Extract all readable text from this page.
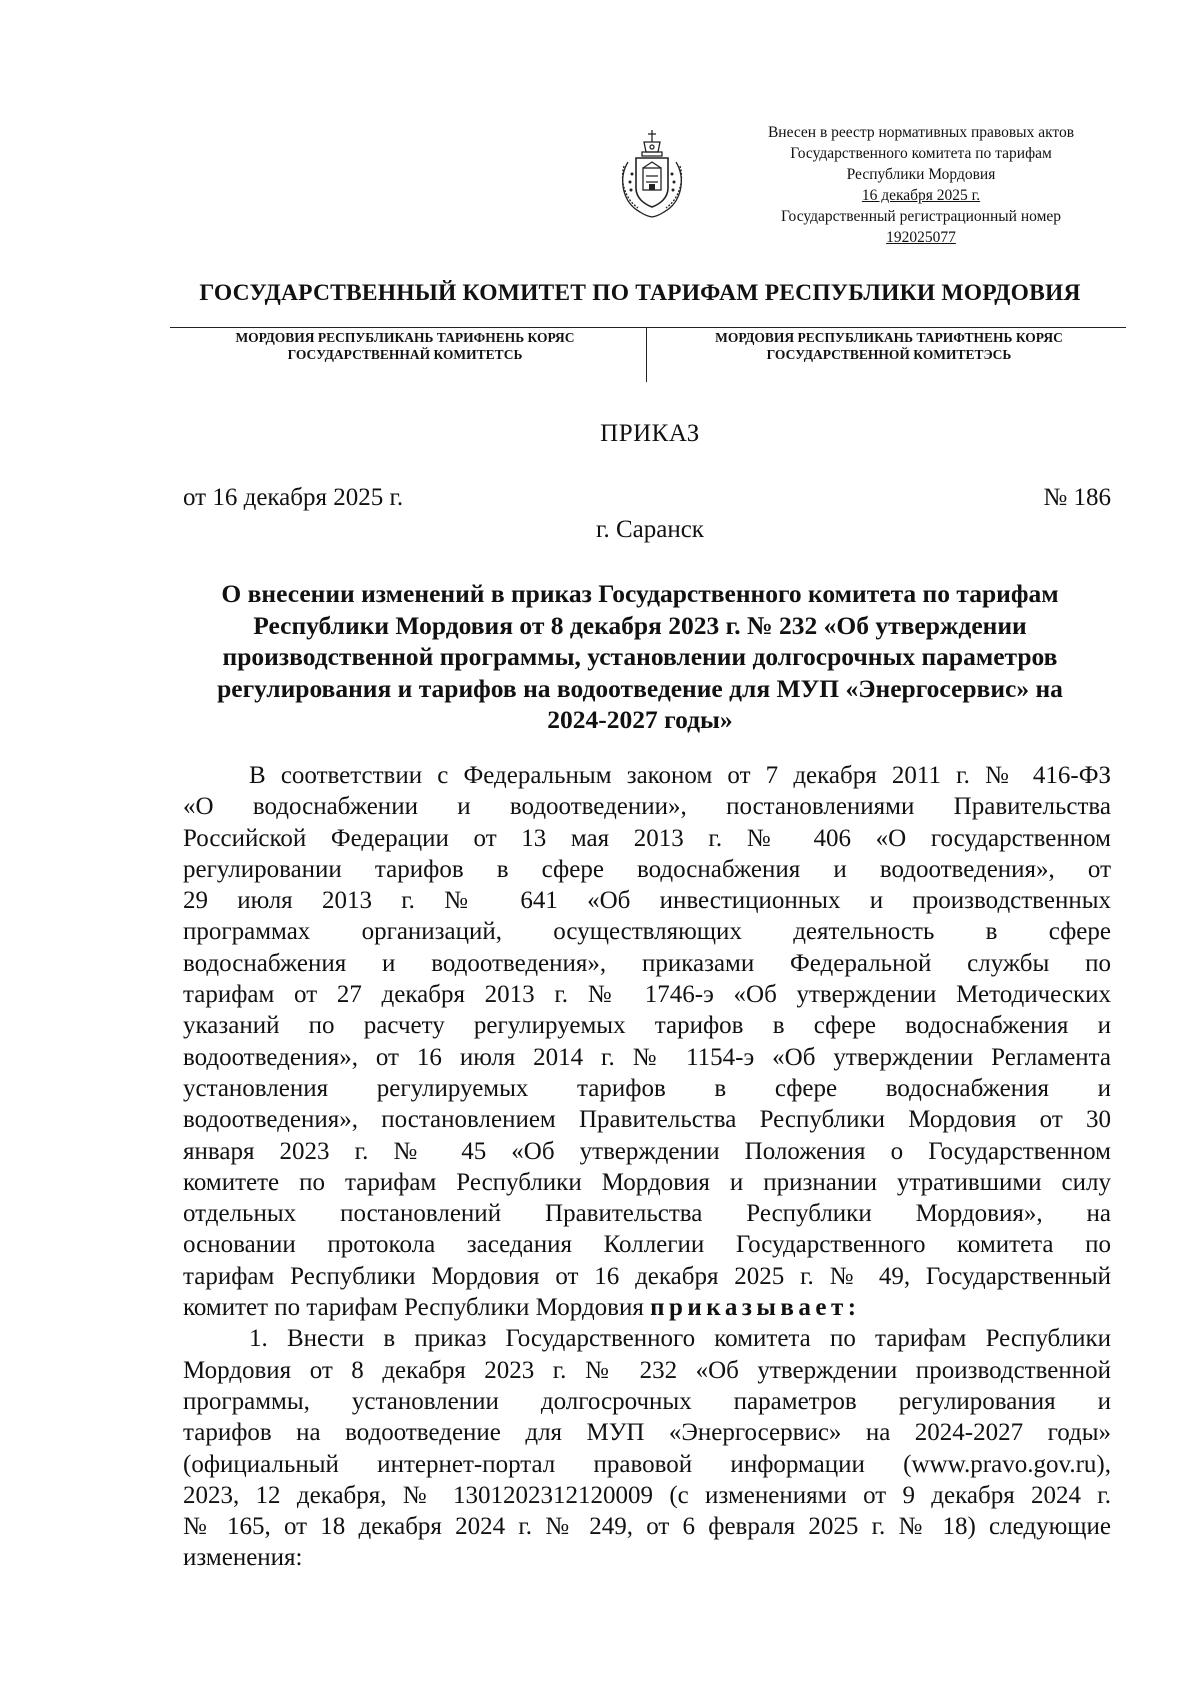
Внесен в реестр нормативных правовых актов
Государственного комитета по тарифам
Республики Мордовия
16 декабря 2025 г.
Государственный регистрационный номер
192025077
ГОСУДАРСТВЕННЫЙ КОМИТЕТ ПО ТАРИФАМ РЕСПУБЛИКИ МОРДОВИЯ
МОРДОВИЯ РЕСПУБЛИКАНЬ ТАРИФНЕНЬ КОРЯС
ГОСУДАРСТВЕННАЙ КОМИТЕТСЬ
МОРДОВИЯ РЕСПУБЛИКАНЬ ТАРИФТНЕНЬ КОРЯС
ГОСУДАРСТВЕННОЙ КОМИТЕТЭСЬ
ПРИКАЗ
от 16 декабря 2025 г.	№ 186
г. Саранск
О внесении изменений в приказ Государственного комитета по тарифам
Республики Мордовия от 8 декабря 2023 г. № 232 «Об утверждении
производственной программы, установлении долгосрочных параметров
регулирования и тарифов на водоотведение для МУП «Энергосервис» на
2024-2027 годы»
В соответствии с Федеральным законом от 7 декабря 2011 г. № 416-ФЗ
«О водоснабжении и водоотведении», постановлениями Правительства
Российской Федерации от 13 мая 2013 г. № 406 «О государственном
регулировании тарифов в сфере водоснабжения и водоотведения», от
29 июля 2013 г. № 641 «Об инвестиционных и производственных
программах организаций, осуществляющих деятельность в сфере
водоснабжения и водоотведения», приказами Федеральной службы по
тарифам от 27 декабря 2013 г. № 1746-э «Об утверждении Методических
указаний по расчету регулируемых тарифов в сфере водоснабжения и
водоотведения», от 16 июля 2014 г. № 1154-э «Об утверждении Регламента
установления регулируемых тарифов в сфере водоснабжения и
водоотведения», постановлением Правительства Республики Мордовия от 30
января 2023 г. № 45 «Об утверждении Положения о Государственном
комитете по тарифам Республики Мордовия и признании утратившими силу
отдельных постановлений Правительства Республики Мордовия», на
основании протокола заседания Коллегии Государственного комитета по
тарифам Республики Мордовия от 16 декабря 2025 г. № 49, Государственный
комитет по тарифам Республики Мордовия приказывает:
1. Внести в приказ Государственного комитета по тарифам Республики
Мордовия от 8 декабря 2023 г. № 232 «Об утверждении производственной
программы, установлении долгосрочных параметров регулирования и
тарифов на водоотведение для МУП «Энергосервис» на 2024-2027 годы»
(официальный интернет-портал правовой информации (www.pravo.gov.ru),
2023, 12 декабря, № 1301202312120009 (с изменениями от 9 декабря 2024 г.
№ 165, от 18 декабря 2024 г. № 249, от 6 февраля 2025 г. № 18) следующие
изменения:
